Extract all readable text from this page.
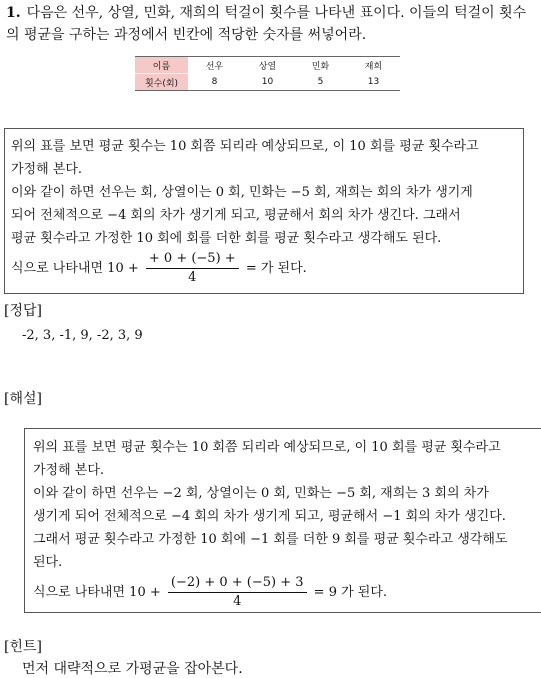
1. 다음은 선우, 상열, 민화, 재희의 턱걸이 횟수를 나타낸 표이다. 이들의 턱걸이 횟수의 평균을 구하는 과정에서 빈칸에 적당한 숫자를 써넣어라.
이름	선우	상열	민화	재희
횟수(회)	8	10	5	13
위의 표를 보면 평균 횟수는 10 회쯤 되리라 예상되므로, 이 10 회를 평균 횟수라고
가정해 본다.
이와 같이 하면 선우는 회, 상열이는 0 회, 민화는 −5 회, 재희는 회의 차가 생기게
되어 전체적으로 −4 회의 차가 생기게 되고, 평균해서 회의 차가 생긴다. 그래서
평균 횟수라고 가정한 10 회에 회를 더한 회를 평균 횟수라고 생각해도 된다.
식으로 나타내면 $10 + \frac{+ 0 + (-5) +}{4}$ = 가 된다.
[정답]
-2, 3, -1, 9, -2, 3, 9
[해설]
위의 표를 보면 평균 횟수는 10 회쯤 되리라 예상되므로, 이 10 회를 평균 횟수라고
가정해 본다.
이와 같이 하면 선우는 −2 회, 상열이는 0 회, 민화는 −5 회, 재희는 3 회의 차가
생기게 되어 전체적으로 −4 회의 차가 생기게 되고, 평균해서 −1 회의 차가 생긴다.
그래서 평균 횟수라고 가정한 10 회에 −1 회를 더한 9 회를 평균 횟수라고 생각해도
된다.
식으로 나타내면 $10 + \frac{(-2) + 0 + (-5) + 3}{4} = 9$ 가 된다.
[힌트]
먼저 대략적으로 가평균을 잡아본다.
